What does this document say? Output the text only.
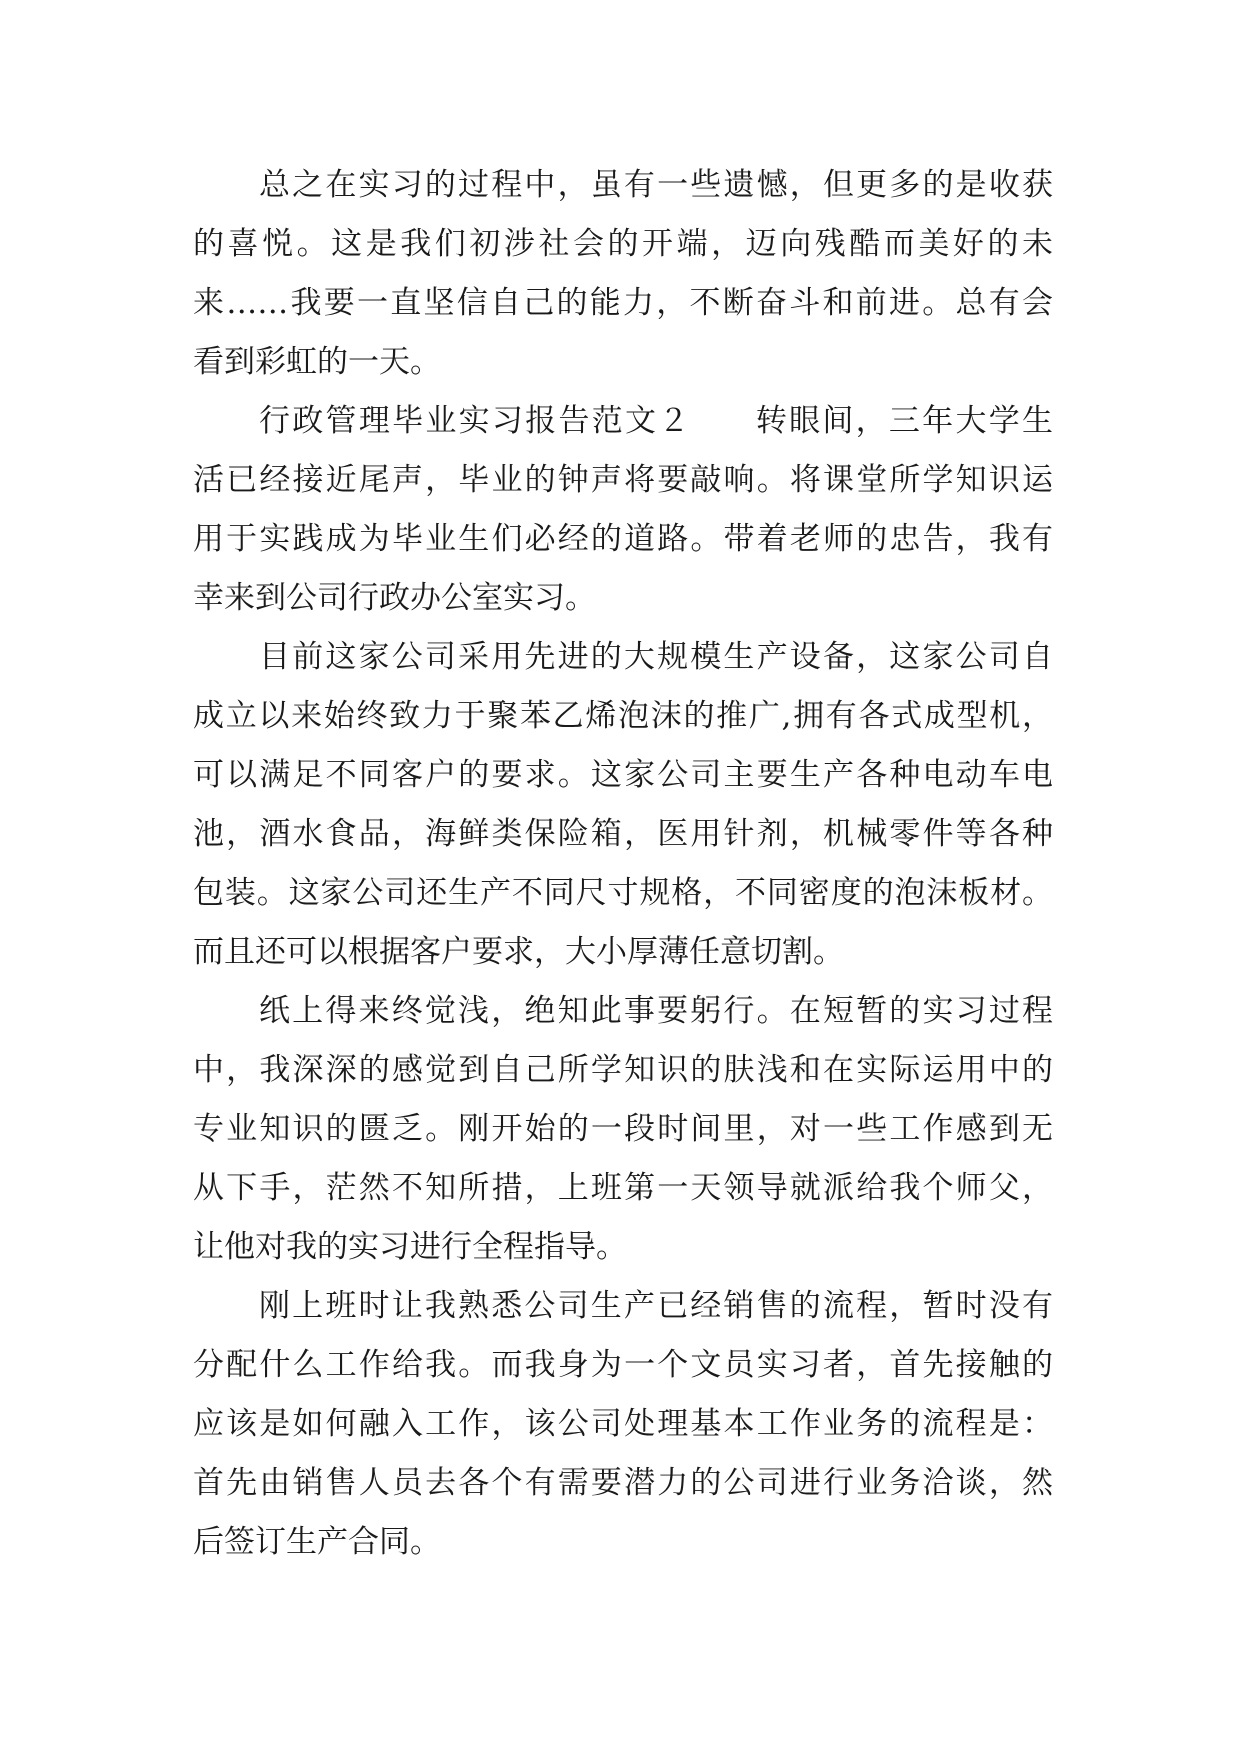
总之在实习的过程中，虽有一些遗憾，但更多的是收获
的喜悦。这是我们初涉社会的开端，迈向残酷而美好的未
来……我要一直坚信自己的能力，不断奋斗和前进。总有会
看到彩虹的一天。
行政管理毕业实习报告范文２ 转眼间，三年大学生
活已经接近尾声，毕业的钟声将要敲响。将课堂所学知识运
用于实践成为毕业生们必经的道路。带着老师的忠告，我有
幸来到公司行政办公室实习。
目前这家公司采用先进的大规模生产设备，这家公司自
成立以来始终致力于聚苯乙烯泡沫的推广,拥有各式成型机，
可以满足不同客户的要求。这家公司主要生产各种电动车电
池，酒水食品，海鲜类保险箱，医用针剂，机械零件等各种
包装。这家公司还生产不同尺寸规格，不同密度的泡沫板材。
而且还可以根据客户要求，大小厚薄任意切割。
纸上得来终觉浅，绝知此事要躬行。在短暂的实习过程
中，我深深的感觉到自己所学知识的肤浅和在实际运用中的
专业知识的匮乏。刚开始的一段时间里，对一些工作感到无
从下手，茫然不知所措，上班第一天领导就派给我个师父，
让他对我的实习进行全程指导。
刚上班时让我熟悉公司生产已经销售的流程，暂时没有
分配什么工作给我。而我身为一个文员实习者，首先接触的
应该是如何融入工作，该公司处理基本工作业务的流程是：
首先由销售人员去各个有需要潜力的公司进行业务洽谈，然
后签订生产合同。
